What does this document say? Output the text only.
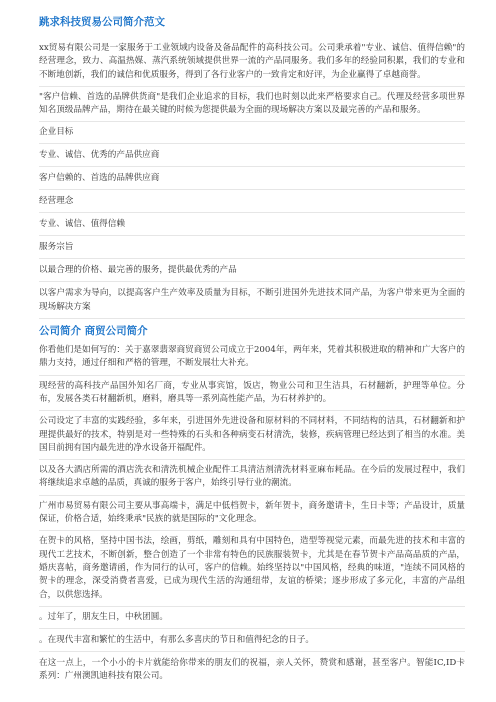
跳求科技贸易公司简介范文

xx贸易有限公司是一家服务于工业领域内设备及备品配件的高科技公司。公司秉承着"专业、诚信、值得信赖"的经营理念，致力、高温热媒、蒸汽系统领域提供世界一流的产品同服务。我们多年的经验同积累，我们的专业和不断地创新，我们的诚信和优质服务，得到了各行业客户的一致肯定和好评，为企业赢得了卓越商誉。

"客户信赖、首选的品牌供货商"是我们企业追求的目标，我们也时刻以此来严格要求自己。代理及经营多项世界知名顶级品牌产品，期待在最关键的时候为您提供最为全面的现场解决方案以及最完善的产品和服务。

企业目标

专业、诚信、优秀的产品供应商

客户信赖的、首选的品牌供应商

经营理念

专业、诚信、值得信赖

服务宗旨

以最合理的价格、最完善的服务，提供最优秀的产品

以客户需求为导向，以提高客户生产效率及质量为目标，不断引进国外先进技术同产品，为客户带来更为全面的现场解决方案

公司简介 商贸公司简介

你看他们是如何写的：关于嘉翠翡翠商贸商贸公司成立于2004年，两年来，凭着其积极进取的精神和广大客户的鼎力支持，通过仔细和严格的管理，不断发展壮大补充。

现经营的高科技产品国外知名厂商，专业从事宾馆，饭店，物业公司和卫生洁具，石材翻新，护理等单位。分布，发展各类石材翻新机，磨料，磨具等一系列高性能产品，为石材养护的。

公司设定了丰富的实践经验，多年来，引进国外先进设备和原材料的不同材料，不同结构的洁具，石材翻新和护理提供最好的技术，特别是对一些特殊的石头和各种病变石材清洗，装修，疾病管理已经达到了相当的水准。美国目前拥有国内最先进的净水设备开福配件。

以及各大酒店所需的酒店洗衣和清洗机械企业配件工具清洁剂清洗材料亚麻布耗品。在今后的发展过程中，我们将继续追求卓越的品质，真诚的服务于客户，始终引导行业的潮流。

广州市易贸易有限公司主要从事高端卡，满足中低档贺卡，新年贺卡，商务邀请卡，生日卡等；产品设计，质量保证，价格合适，始终秉承"民族的就是国际的"文化理念。

在贺卡的风格，坚持中国书法，绘画，剪纸，雕刻和具有中国特色，造型等视觉元素，而最先进的技术和丰富的现代工艺技术，不断创新，整合创造了一个非常有特色的民族服装贺卡，尤其是在春节贺卡产品高品质的产品，婚庆喜帖，商务邀请函，作为同行的认可，客户的信赖。始终坚持以"中国风格，经典的味道，"连续不同风格的贺卡的理念，深受消费者喜爱，已成为现代生活的沟通纽带，友谊的桥梁；逐步形成了多元化，丰富的产品组合，以供您选择。

。过年了，朋友生日，中秋团圆。

。在现代丰富和繁忙的生活中，有那么多喜庆的节日和值得纪念的日子。

在这一点上，一个小小的卡片就能给你带来的朋友们的祝福，亲人关怀，赞赏和感谢，甚至客户。智能IC,ID卡系列：广州澳凯迪科技有限公司。
